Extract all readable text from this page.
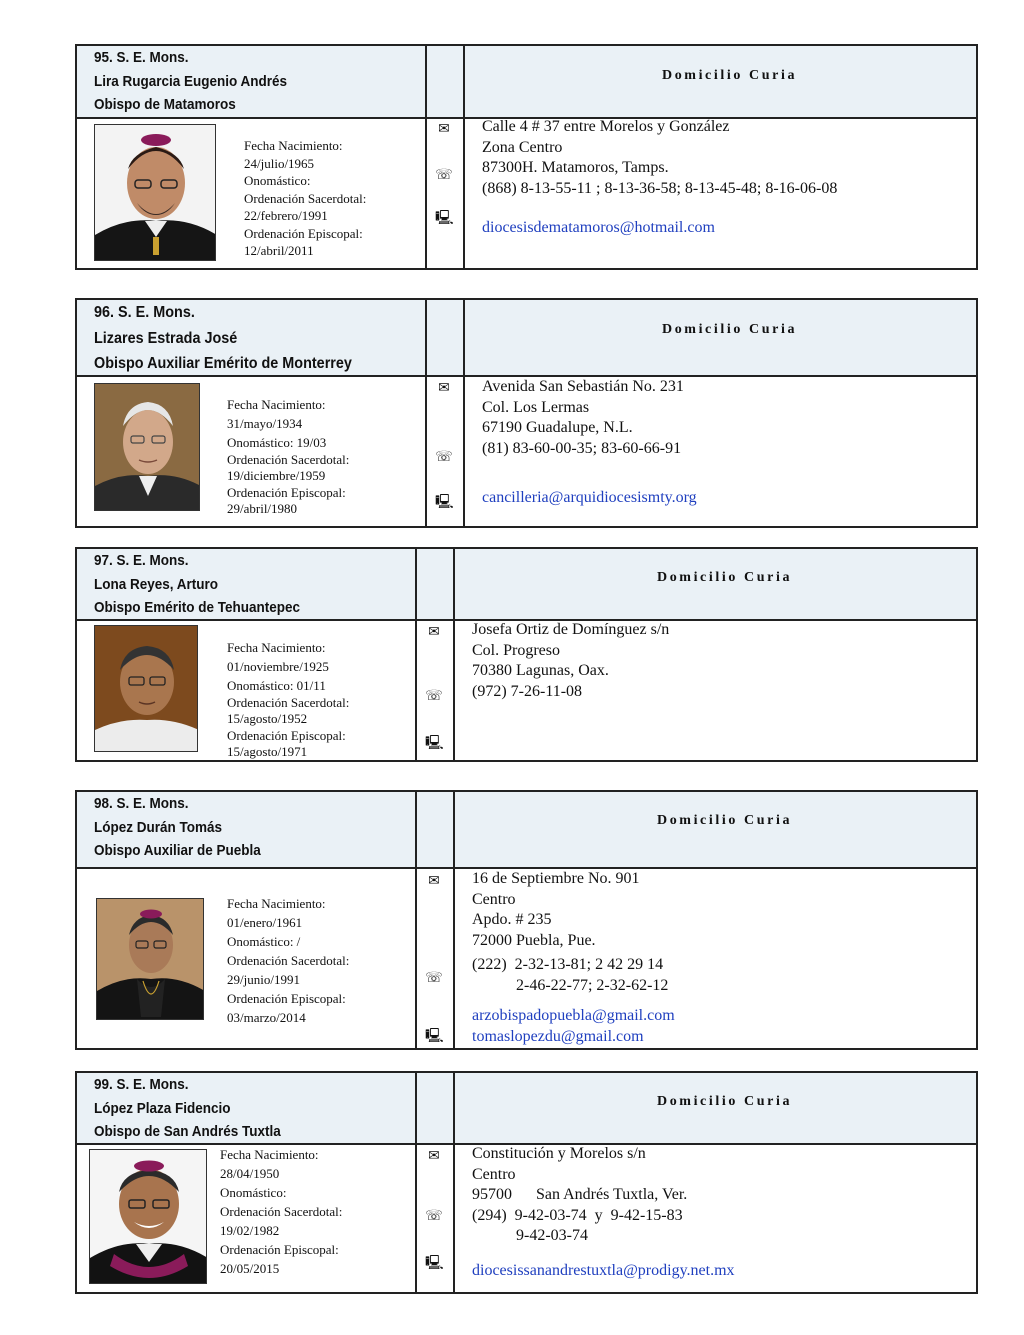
95. S. E. Mons.
Lira Rugarcia Eugenio Andrés
Obispo de Matamoros
Domicilio Curia
Fecha Nacimiento:
24/julio/1965
Onomástico:
Ordenación Sacerdotal:
22/febrero/1991
Ordenación Episcopal:
12/abril/2011
✉
☏
🖳
Calle 4 # 37 entre Morelos y González
Zona Centro
87300H. Matamoros, Tamps.
(868) 8-13-55-11 ; 8-13-36-58; 8-13-45-48; 8-16-06-08
diocesisdematamoros@hotmail.com
96. S. E. Mons.
Lizares Estrada José
Obispo Auxiliar Emérito de Monterrey
Domicilio Curia
Fecha Nacimiento:
31/mayo/1934
Onomástico: 19/03
Ordenación Sacerdotal:
19/diciembre/1959
Ordenación Episcopal:
29/abril/1980
✉
☏
🖳
Avenida San Sebastián No. 231
Col. Los Lermas
67190 Guadalupe, N.L.
(81) 83-60-00-35; 83-60-66-91
cancilleria@arquidiocesismty.org
97. S. E. Mons.
Lona Reyes, Arturo
Obispo Emérito de Tehuantepec
Domicilio Curia
Fecha Nacimiento:
01/noviembre/1925
Onomástico: 01/11
Ordenación Sacerdotal:
15/agosto/1952
Ordenación Episcopal:
15/agosto/1971
✉
☏
🖳
Josefa Ortiz de Domínguez s/n
Col. Progreso
70380 Lagunas, Oax.
(972) 7-26-11-08
98. S. E. Mons.
López Durán Tomás
Obispo Auxiliar de Puebla
Domicilio Curia
Fecha Nacimiento:
01/enero/1961
Onomástico: /
Ordenación Sacerdotal:
29/junio/1991
Ordenación Episcopal:
03/marzo/2014
✉
☏
🖳
16 de Septiembre No. 901
Centro
Apdo. # 235
72000 Puebla, Pue.
(222)  2-32-13-81; 2 42 29 14
2-46-22-77; 2-32-62-12
arzobispadopuebla@gmail.com
tomaslopezdu@gmail.com
99. S. E. Mons.
López Plaza Fidencio
Obispo de San Andrés Tuxtla
Domicilio Curia
Fecha Nacimiento:
28/04/1950
Onomástico:
Ordenación Sacerdotal:
19/02/1982
Ordenación Episcopal:
20/05/2015
✉
☏
🖳
Constitución y Morelos s/n
Centro
95700      San Andrés Tuxtla, Ver.
(294)  9-42-03-74  y  9-42-15-83
9-42-03-74
diocesissanandrestuxtla@prodigy.net.mx
